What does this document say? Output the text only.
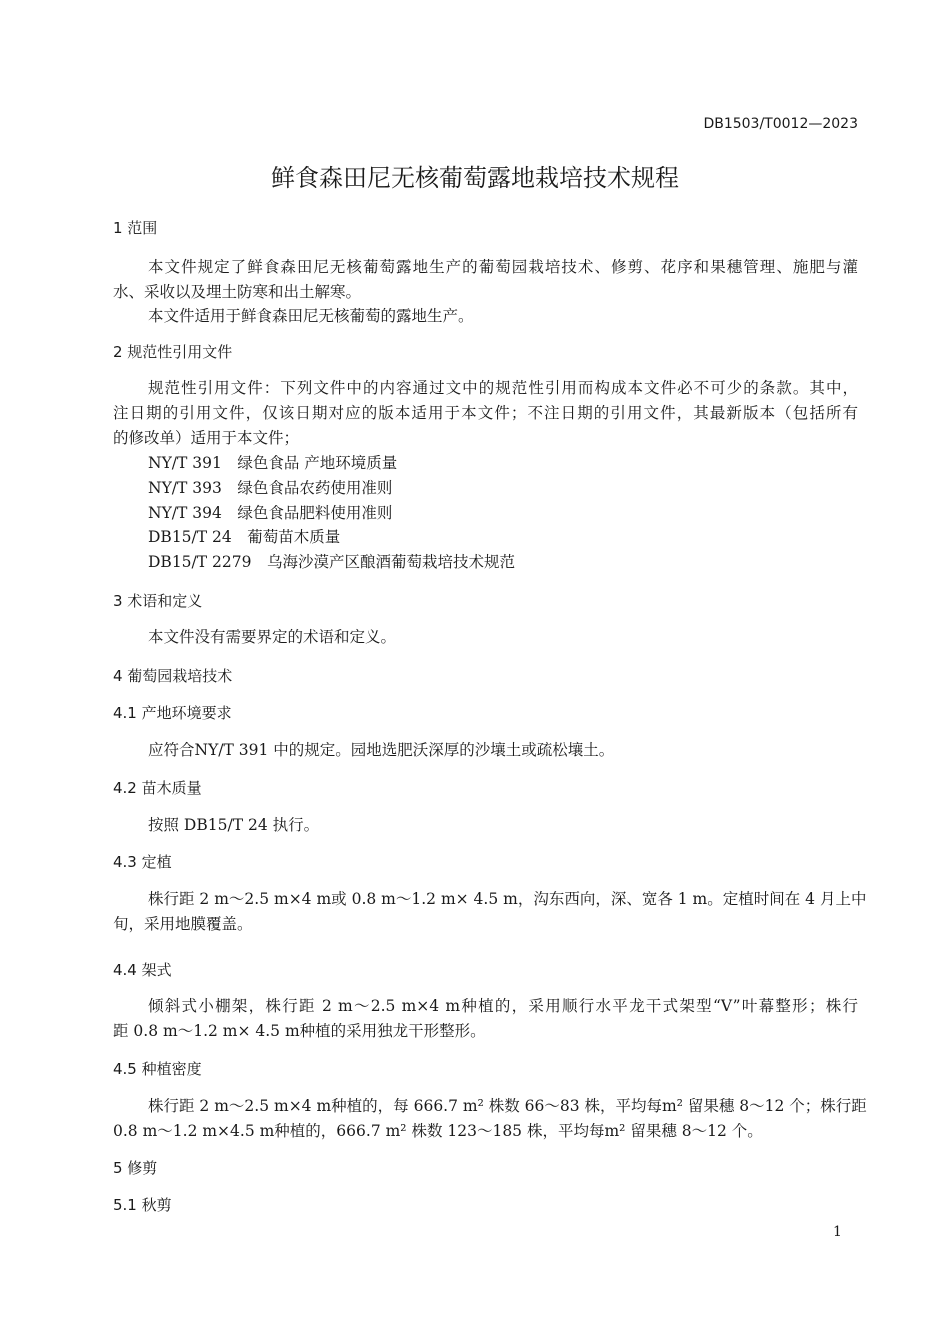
DB1503/T0012—2023
鲜食森田尼无核葡萄露地栽培技术规程
1 范围
本文件规定了鲜食森田尼无核葡萄露地生产的葡萄园栽培技术、修剪、花序和果穗管理、施肥与灌
水、采收以及埋土防寒和出土解寒。
本文件适用于鲜食森田尼无核葡萄的露地生产。
2 规范性引用文件
规范性引用文件：下列文件中的内容通过文中的规范性引用而构成本文件必不可少的条款。其中，
注日期的引用文件，仅该日期对应的版本适用于本文件；不注日期的引用文件，其最新版本（包括所有
的修改单）适用于本文件；
NY/T 391　绿色食品 产地环境质量
NY/T 393　绿色食品农药使用准则
NY/T 394　绿色食品肥料使用准则
DB15/T 24　葡萄苗木质量
DB15/T 2279　乌海沙漠产区酿酒葡萄栽培技术规范
3 术语和定义
本文件没有需要界定的术语和定义。
4 葡萄园栽培技术
4.1 产地环境要求
应符合NY/T 391 中的规定。园地选肥沃深厚的沙壤土或疏松壤土。
4.2 苗木质量
按照 DB15/T 24 执行。
4.3 定植
株行距 2 m～2.5 m×4 m或 0.8 m～1.2 m× 4.5 m，沟东西向，深、宽各 1 m。定植时间在 4 月上中
旬，采用地膜覆盖。
4.4 架式
倾斜式小棚架，株行距 2 m～2.5 m×4 m种植的，采用顺行水平龙干式架型“V”叶幕整形；株行
距 0.8 m～1.2 m× 4.5 m种植的采用独龙干形整形。
4.5 种植密度
株行距 2 m～2.5 m×4 m种植的，每 666.7 m² 株数 66～83 株，平均每m² 留果穗 8～12 个；株行距
0.8 m～1.2 m×4.5 m种植的，666.7 m² 株数 123～185 株，平均每m² 留果穗 8～12 个。
5 修剪
5.1 秋剪
1
